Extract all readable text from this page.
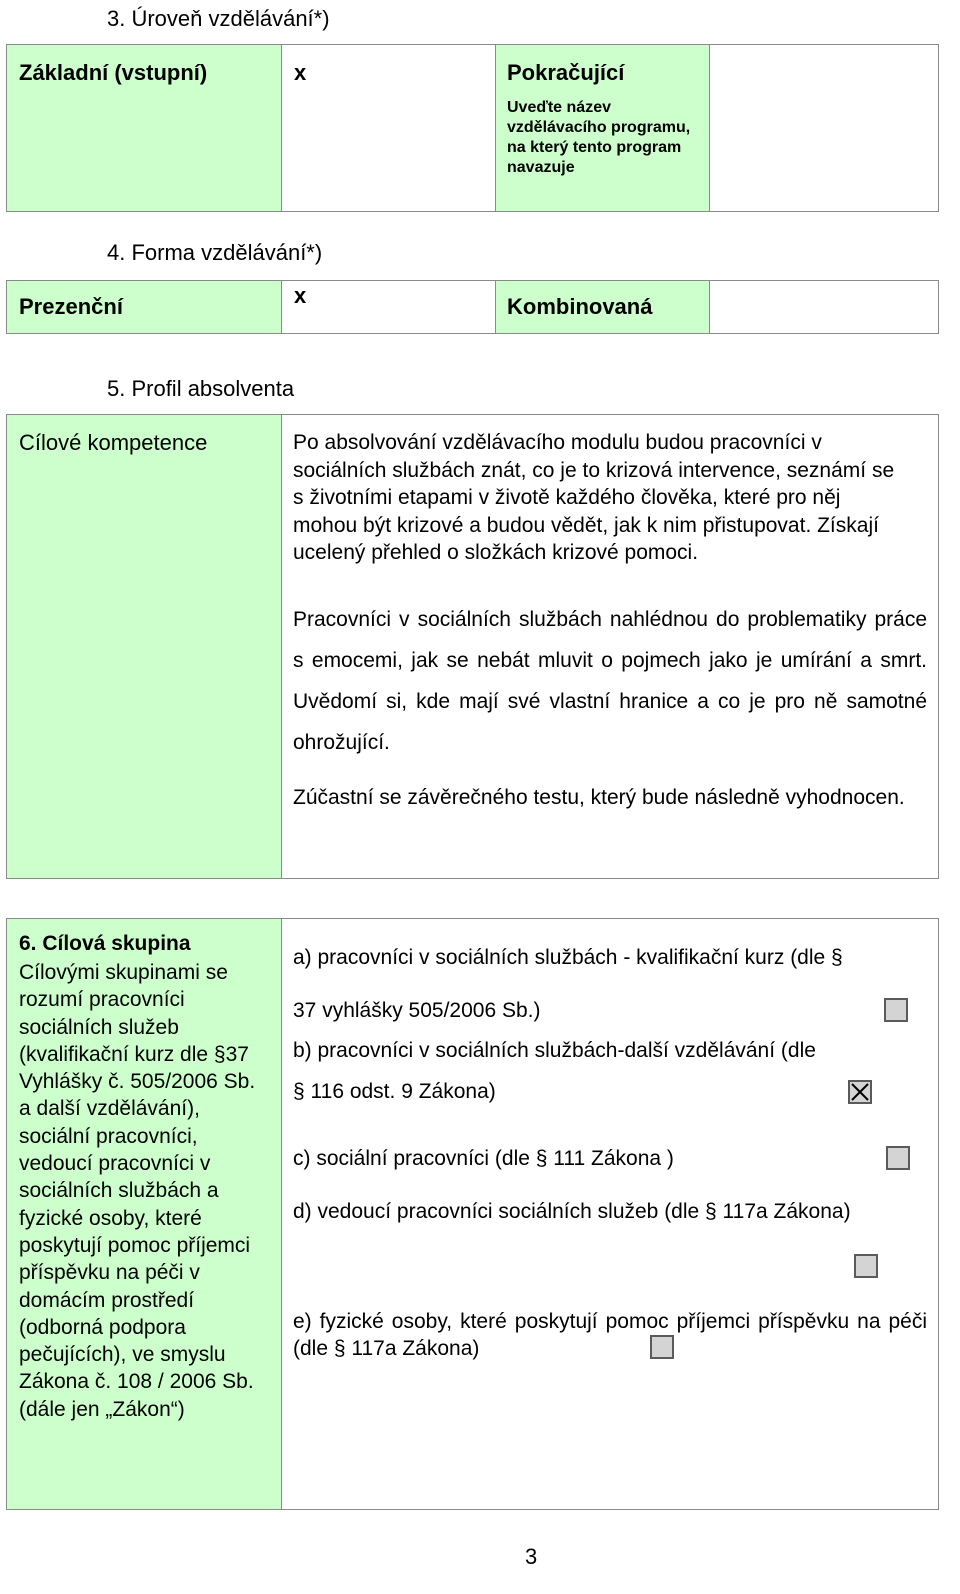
3. Úroveň vzdělávání*)
Základní (vstupní)	x	Pokračující
Uveďte název vzdělávacího programu, na který tento program navazuje
4. Forma vzdělávání*)
Prezenční	x	Kombinovaná
5. Profil absolventa
Cílové kompetence	Po absolvování vzdělávacího modulu budou pracovníci v sociálních službách znát, co je to krizová intervence, seznámí se s životními etapami v životě každého člověka, které pro něj mohou být krizové a budou vědět, jak k nim přistupovat. Získají ucelený přehled o složkách krizové pomoci.
Pracovníci v sociálních službách nahlédnou do problematiky práce s emocemi, jak se nebát mluvit o pojmech jako je umírání a smrt. Uvědomí si, kde mají své vlastní hranice a co je pro ně samotné ohrožující.
Zúčastní se závěrečného testu, který bude následně vyhodnocen.
6. Cílová skupina
Cílovými skupinami se rozumí pracovníci sociálních služeb (kvalifikační kurz dle §37 Vyhlášky č. 505/2006 Sb. a další vzdělávání), sociální pracovníci, vedoucí pracovníci v sociálních službách a fyzické osoby, které poskytují pomoc příjemci příspěvku na péči v domácím prostředí (odborná podpora pečujících), ve smyslu Zákona č. 108 / 2006 Sb. (dále jen „Zákon“)
a) pracovníci v sociálních službách - kvalifikační kurz (dle §
37 vyhlášky 505/2006 Sb.)
b) pracovníci v sociálních službách-další vzdělávání (dle
§ 116 odst. 9 Zákona)
c) sociální pracovníci (dle § 111 Zákona )
d) vedoucí pracovníci sociálních služeb (dle § 117a Zákona)
e) fyzické osoby, které poskytují pomoc příjemci příspěvku na péči (dle § 117a Zákona)
3
